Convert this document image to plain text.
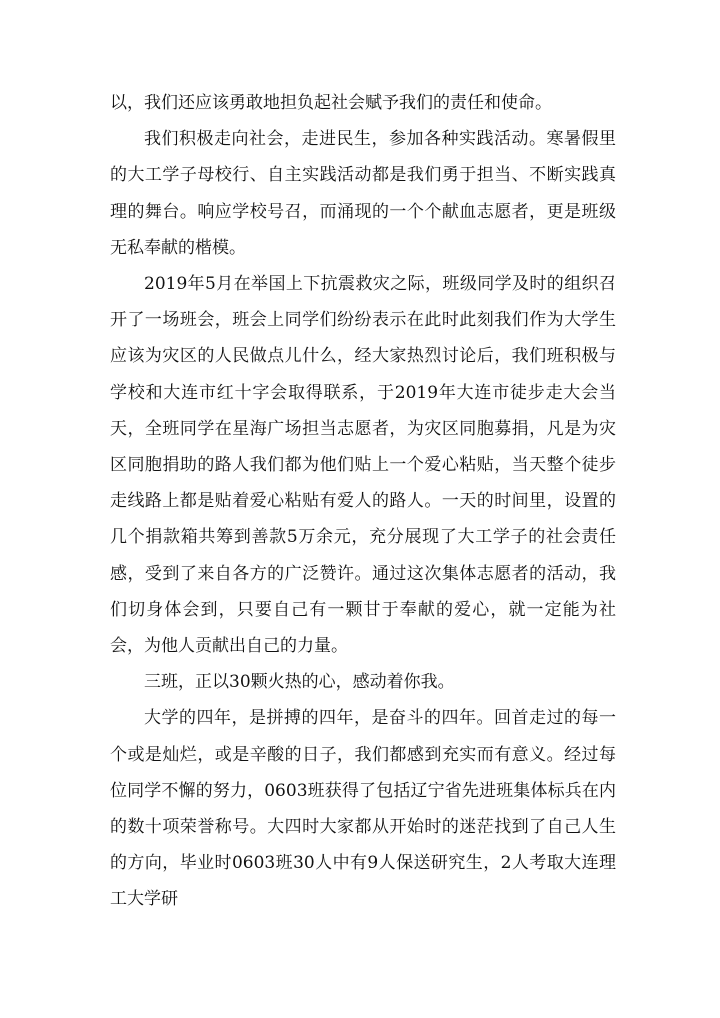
以，我们还应该勇敢地担负起社会赋予我们的责任和使命。

我们积极走向社会，走进民生，参加各种实践活动。寒暑假里的大工学子母校行、自主实践活动都是我们勇于担当、不断实践真理的舞台。响应学校号召，而涌现的一个个献血志愿者，更是班级无私奉献的楷模。

2019年5月在举国上下抗震救灾之际，班级同学及时的组织召开了一场班会，班会上同学们纷纷表示在此时此刻我们作为大学生应该为灾区的人民做点儿什么，经大家热烈讨论后，我们班积极与学校和大连市红十字会取得联系，于2019年大连市徒步走大会当天，全班同学在星海广场担当志愿者，为灾区同胞募捐，凡是为灾区同胞捐助的路人我们都为他们贴上一个爱心粘贴，当天整个徒步走线路上都是贴着爱心粘贴有爱人的路人。一天的时间里，设置的几个捐款箱共筹到善款5万余元，充分展现了大工学子的社会责任感，受到了来自各方的广泛赞许。通过这次集体志愿者的活动，我们切身体会到，只要自己有一颗甘于奉献的爱心，就一定能为社会，为他人贡献出自己的力量。

三班，正以30颗火热的心，感动着你我。

大学的四年，是拼搏的四年，是奋斗的四年。回首走过的每一个或是灿烂，或是辛酸的日子，我们都感到充实而有意义。经过每位同学不懈的努力，0603班获得了包括辽宁省先进班集体标兵在内的数十项荣誉称号。大四时大家都从开始时的迷茫找到了自己人生的方向，毕业时0603班30人中有9人保送研究生，2人考取大连理工大学研
